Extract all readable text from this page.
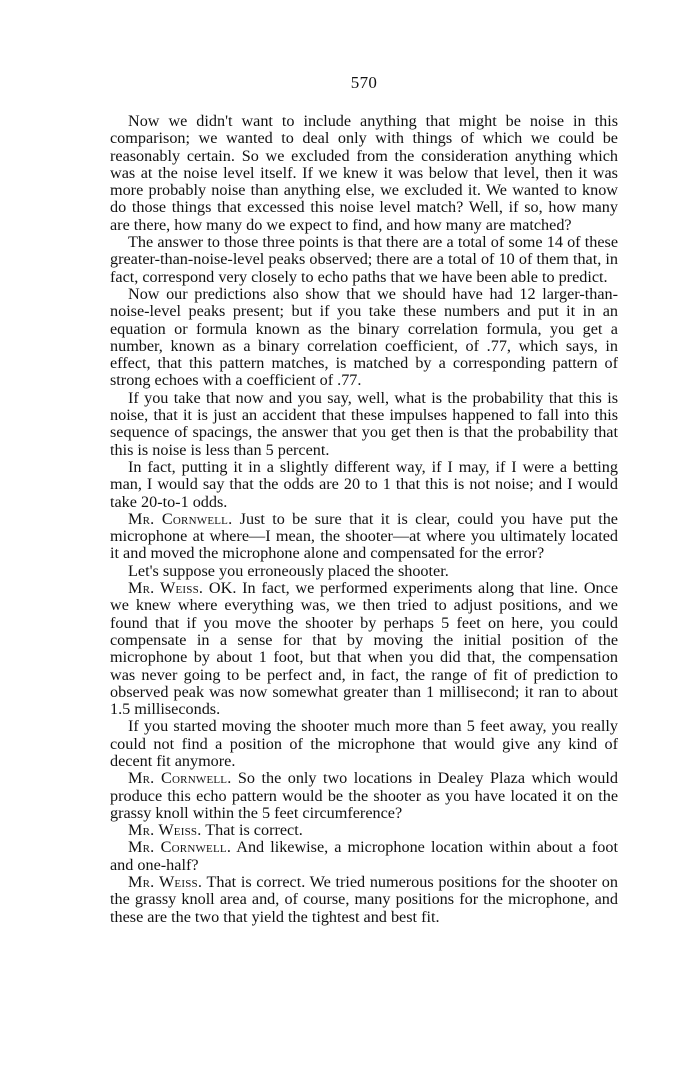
570

Now we didn't want to include anything that might be noise in this comparison; we wanted to deal only with things of which we could be reasonably certain. So we excluded from the consideration anything which was at the noise level itself. If we knew it was below that level, then it was more probably noise than anything else, we excluded it. We wanted to know do those things that excessed this noise level match? Well, if so, how many are there, how many do we expect to find, and how many are matched?

The answer to those three points is that there are a total of some 14 of these greater-than-noise-level peaks observed; there are a total of 10 of them that, in fact, correspond very closely to echo paths that we have been able to predict.

Now our predictions also show that we should have had 12 larger-than-noise-level peaks present; but if you take these numbers and put it in an equation or formula known as the binary correlation formula, you get a number, known as a binary correlation coefficient, of .77, which says, in effect, that this pattern matches, is matched by a corresponding pattern of strong echoes with a coefficient of .77.

If you take that now and you say, well, what is the probability that this is noise, that it is just an accident that these impulses happened to fall into this sequence of spacings, the answer that you get then is that the probability that this is noise is less than 5 percent.

In fact, putting it in a slightly different way, if I may, if I were a betting man, I would say that the odds are 20 to 1 that this is not noise; and I would take 20-to-1 odds.

Mr. Cornwell. Just to be sure that it is clear, could you have put the microphone at where—I mean, the shooter—at where you ultimately located it and moved the microphone alone and compensated for the error?

Let's suppose you erroneously placed the shooter.

Mr. Weiss. OK. In fact, we performed experiments along that line. Once we knew where everything was, we then tried to adjust positions, and we found that if you move the shooter by perhaps 5 feet on here, you could compensate in a sense for that by moving the initial position of the microphone by about 1 foot, but that when you did that, the compensation was never going to be perfect and, in fact, the range of fit of prediction to observed peak was now somewhat greater than 1 millisecond; it ran to about 1.5 milliseconds.

If you started moving the shooter much more than 5 feet away, you really could not find a position of the microphone that would give any kind of decent fit anymore.

Mr. Cornwell. So the only two locations in Dealey Plaza which would produce this echo pattern would be the shooter as you have located it on the grassy knoll within the 5 feet circumference?

Mr. Weiss. That is correct.

Mr. Cornwell. And likewise, a microphone location within about a foot and one-half?

Mr. Weiss. That is correct. We tried numerous positions for the shooter on the grassy knoll area and, of course, many positions for the microphone, and these are the two that yield the tightest and best fit.
